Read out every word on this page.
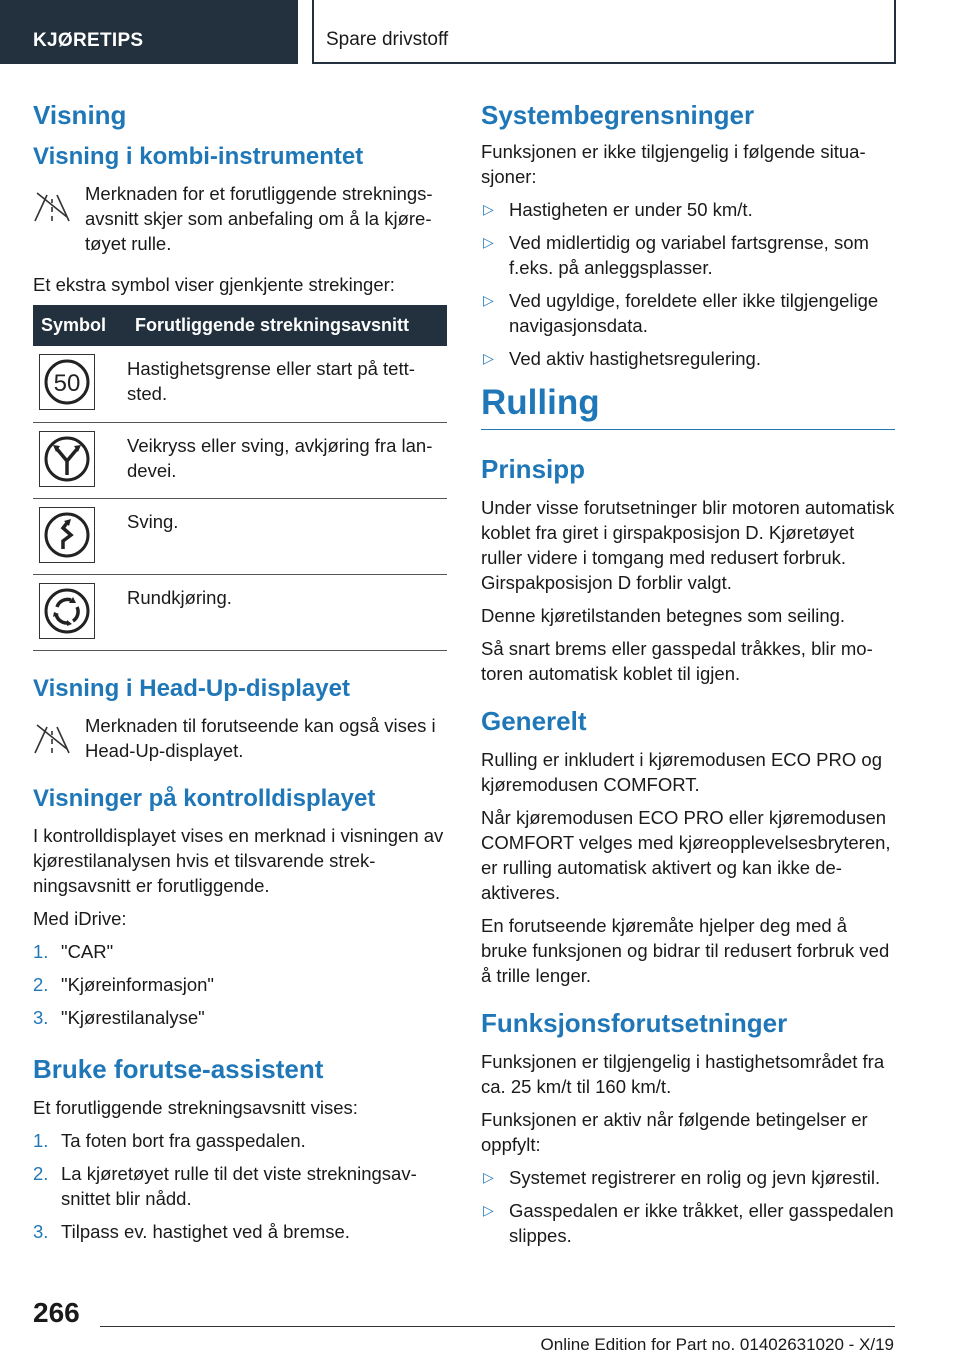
KJØRETIPS	Spare drivstoff
Visning
Visning i kombi-instrumentet
Merknaden for et forutliggende strekningsavsnitt skjer som anbefaling om å la kjøretøyet rulle.

Et ekstra symbol viser gjenkjente strekinger:

Symbol	Forutliggende strekningsavsnitt

50	Hastighetsgrense eller start på tettsted.

	Veikryss eller sving, avkjøring fra landevei.

	Sving.

	Rundkjøring.
Visning i Head-Up-displayet
Merknaden til forutseende kan også vises i Head-Up-displayet.
Visninger på kontrolldisplayet

I kontrolldisplayet vises en merknad i visningen av kjørestilanalysen hvis et tilsvarende strekningsavsnitt er forutliggende.

Med iDrive:

1. "CAR"
2. "Kjøreinformasjon"
3. "Kjørestilanalyse"
Bruke forutse-assistent

Et forutliggende strekningsavsnitt vises:

1. Ta foten bort fra gasspedalen.
2. La kjøretøyet rulle til det viste strekningsavsnittet blir nådd.
3. Tilpass ev. hastighet ved å bremse.
Systembegrensninger

Funksjonen er ikke tilgjengelig i følgende situasjoner:

▷ Hastigheten er under 50 km/t.
▷ Ved midlertidig og variabel fartsgrense, som f.eks. på anleggsplasser.
▷ Ved ugyldige, foreldete eller ikke tilgjengelige navigasjonsdata.
▷ Ved aktiv hastighetsregulering.
Rulling
Prinsipp

Under visse forutsetninger blir motoren automatisk koblet fra giret i girspakposisjon D. Kjøretøyet ruller videre i tomgang med redusert forbruk. Girspakposisjon D forblir valgt.

Denne kjøretilstanden betegnes som seiling.

Så snart brems eller gasspedal tråkkes, blir motoren automatisk koblet til igjen.

Generelt

Rulling er inkludert i kjøremodusen ECO PRO og kjøremodusen COMFORT.

Når kjøremodusen ECO PRO eller kjøremodusen COMFORT velges med kjøreopplevelsesbryteren, er rulling automatisk aktivert og kan ikke deaktiveres.

En forutseende kjøremåte hjelper deg med å bruke funksjonen og bidrar til redusert forbruk ved å trille lenger.

Funksjonsforutsetninger

Funksjonen er tilgjengelig i hastighetsområdet fra ca. 25 km/t til 160 km/t.

Funksjonen er aktiv når følgende betingelser er oppfylt:

▷ Systemet registrerer en rolig og jevn kjørestil.
▷ Gasspedalen er ikke tråkket, eller gasspedalen slippes.
266
Online Edition for Part no. 01402631020 - X/19
